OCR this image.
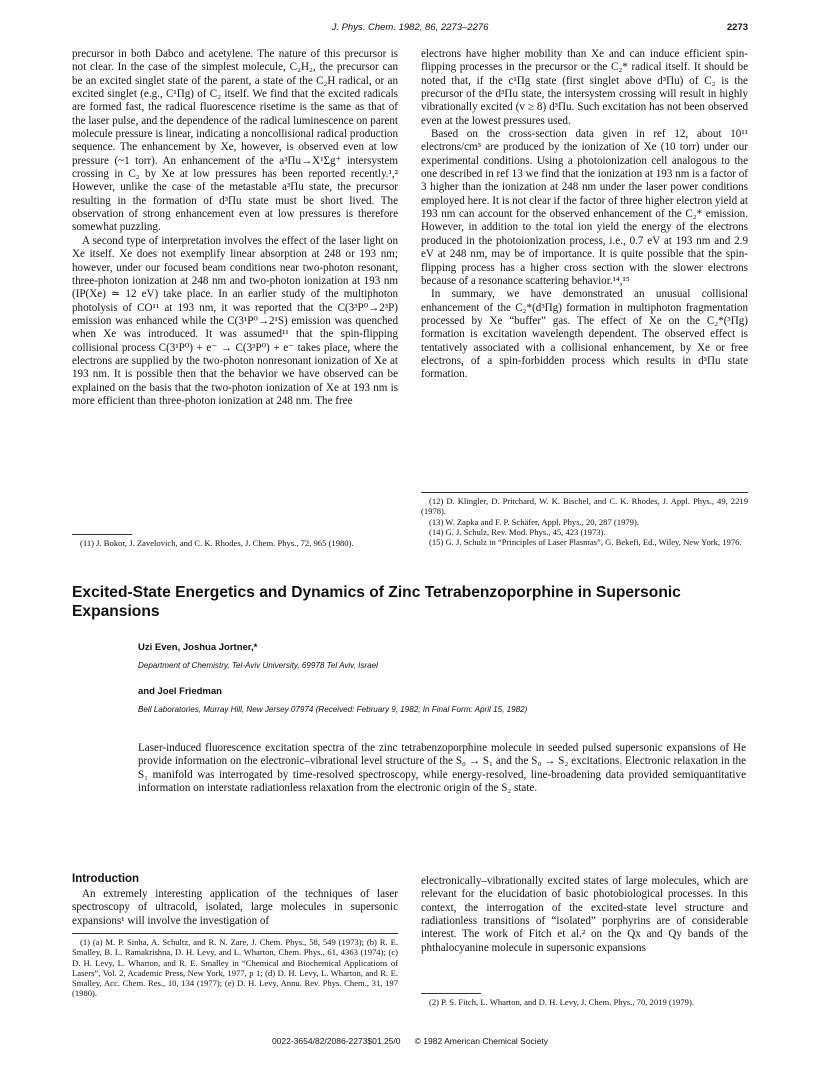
J. Phys. Chem. 1982, 86, 2273–2276	2273

precursor in both Dabco and acetylene. The nature of this precursor is not clear. In the case of the simplest molecule, C₂H₂, the precursor can be an excited singlet state of the parent, a state of the C₂H radical, or an excited singlet (e.g., C¹Πg) of C₂ itself. We find that the excited radicals are formed fast, the radical fluorescence risetime is the same as that of the laser pulse, and the dependence of the radical luminescence on parent molecule pressure is linear, indicating a noncollisional radical production sequence. The enhancement by Xe, however, is observed even at low pressure (~1 torr). An enhancement of the a³Πu→X¹Σg⁺ intersystem crossing in C₂ by Xe at low pressures has been reported recently.¹,² However, unlike the case of the metastable a³Πu state, the precursor resulting in the formation of d³Πu state must be short lived. The observation of strong enhancement even at low pressures is therefore somewhat puzzling.

A second type of interpretation involves the effect of the laser light on Xe itself. Xe does not exemplify linear absorption at 248 or 193 nm; however, under our focused beam conditions near two-photon resonant, three-photon ionization at 248 nm and two-photon ionization at 193 nm (IP(Xe) ≃ 12 eV) take place. In an earlier study of the multiphoton photolysis of CO¹¹ at 193 nm, it was reported that the C(3³P⁰→2³P) emission was enhanced while the C(3¹P⁰→2¹S) emission was quenched when Xe was introduced. It was assumed¹¹ that the spin-flipping collisional process C(3¹P⁰) + e⁻ → C(3³P⁰) + e⁻ takes place, where the electrons are supplied by the two-photon nonresonant ionization of Xe at 193 nm. It is possible then that the behavior we have observed can be explained on the basis that the two-photon ionization of Xe at 193 nm is more efficient than three-photon ionization at 248 nm. The free

(11) J. Bokor, J. Zavelovich, and C. K. Rhodes, J. Chem. Phys., 72, 965 (1980).

electrons have higher mobility than Xe and can induce efficient spin-flipping processes in the precursor or the C₂* radical itself. It should be noted that, if the c¹Πg state (first singlet above d³Πu) of C₂ is the precursor of the d³Πu state, the intersystem crossing will result in highly vibrationally excited (v ≥ 8) d³Πu. Such excitation has not been observed even at the lowest pressures used.

Based on the cross-section data given in ref 12, about 10¹¹ electrons/cm³ are produced by the ionization of Xe (10 torr) under our experimental conditions. Using a photoionization cell analogous to the one described in ref 13 we find that the ionization at 193 nm is a factor of 3 higher than the ionization at 248 nm under the laser power conditions employed here. It is not clear if the factor of three higher electron yield at 193 nm can account for the observed enhancement of the C₂* emission. However, in addition to the total ion yield the energy of the electrons produced in the photoionization process, i.e., 0.7 eV at 193 nm and 2.9 eV at 248 nm, may be of importance. It is quite possible that the spin-flipping process has a higher cross section with the slower electrons because of a resonance scattering behavior.¹⁴,¹⁵

In summary, we have demonstrated an unusual collisional enhancement of the C₂*(d³Πg) formation in multiphoton fragmentation processed by Xe “buffer” gas. The effect of Xe on the C₂*(³Πg) formation is excitation wavelength dependent. The observed effect is tentatively associated with a collisional enhancement, by Xe or free electrons, of a spin-forbidden process which results in d³Πu state formation.

(12) D. Klingler, D. Pritchard, W. K. Bischel, and C. K. Rhodes, J. Appl. Phys., 49, 2219 (1978).

(13) W. Zapka and F. P. Schäfer, Appl. Phys., 20, 287 (1979).

(14) G. J. Schulz, Rev. Mod. Phys., 45, 423 (1973).

(15) G. J. Schulz in “Principles of Laser Plasmas”, G. Bekefi, Ed., Wiley, New York, 1976.

Excited-State Energetics and Dynamics of Zinc Tetrabenzoporphine in Supersonic Expansions
Uzi Even, Joshua Jortner,*
Department of Chemistry, Tel-Aviv University, 69978 Tel Aviv, Israel
and Joel Friedman
Bell Laboratories, Murray Hill, New Jersey 07974 (Received: February 9, 1982; In Final Form: April 15, 1982)
Laser-induced fluorescence excitation spectra of the zinc tetrabenzoporphine molecule in seeded pulsed supersonic expansions of He provide information on the electronic–vibrational level structure of the S₀ → S₁ and the S₀ → S₂ excitations. Electronic relaxation in the S₁ manifold was interrogated by time-resolved spectroscopy, while energy-resolved, line-broadening data provided semiquantitative information on interstate radiationless relaxation from the electronic origin of the S₂ state.
Introduction

An extremely interesting application of the techniques of laser spectroscopy of ultracold, isolated, large molecules in supersonic expansions¹ will involve the investigation of

(1) (a) M. P. Sinha, A. Schultz, and R. N. Zare, J. Chem. Phys., 58, 549 (1973); (b) R. E. Smalley, B. L. Ramakrishna, D. H. Levy, and L. Wharton, Chem. Phys., 61, 4363 (1974); (c) D. H. Levy, L. Wharton, and R. E. Smalley in “Chemical and Biochemical Applications of Lasers”, Vol. 2, Academic Press, New York, 1977, p 1; (d) D. H. Levy, L. Wharton, and R. E. Smalley, Acc. Chem. Res., 10, 134 (1977); (e) D. H. Levy, Annu. Rev. Phys. Chem., 31, 197 (1980).

electronically–vibrationally excited states of large molecules, which are relevant for the elucidation of basic photobiological processes. In this context, the interrogation of the excited-state level structure and radiationless transitions of “isolated” porphyrins are of considerable interest. The work of Fitch et al.² on the Qx and Qy bands of the phthalocyanine molecule in supersonic expansions

(2) P. S. Fitch, L. Wharton, and D. H. Levy, J. Chem. Phys., 70, 2019 (1979).

0022-3654/82/2086-2273$01.25/0 © 1982 American Chemical Society
